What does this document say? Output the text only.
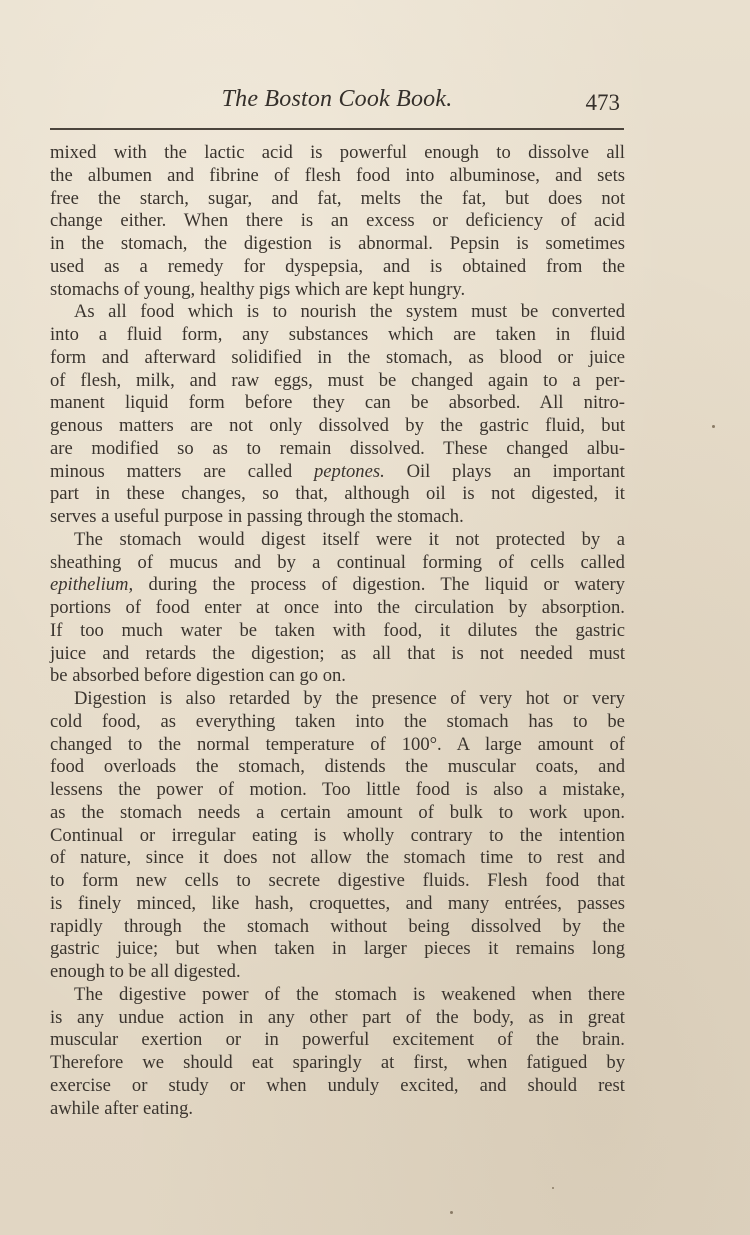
The Boston Cook Book.	473
mixed with the lactic acid is powerful enough to dissolve all
the albumen and fibrine of flesh food into albuminose, and sets
free the starch, sugar, and fat, melts the fat, but does not
change either. When there is an excess or deficiency of acid
in the stomach, the digestion is abnormal. Pepsin is sometimes
used as a remedy for dyspepsia, and is obtained from the
stomachs of young, healthy pigs which are kept hungry.
As all food which is to nourish the system must be converted
into a fluid form, any substances which are taken in fluid
form and afterward solidified in the stomach, as blood or juice
of flesh, milk, and raw eggs, must be changed again to a per-
manent liquid form before they can be absorbed. All nitro-
genous matters are not only dissolved by the gastric fluid, but
are modified so as to remain dissolved. These changed albu-
minous matters are called peptones. Oil plays an important
part in these changes, so that, although oil is not digested, it
serves a useful purpose in passing through the stomach.
The stomach would digest itself were it not protected by a
sheathing of mucus and by a continual forming of cells called
epithelium, during the process of digestion. The liquid or watery
portions of food enter at once into the circulation by absorption.
If too much water be taken with food, it dilutes the gastric
juice and retards the digestion; as all that is not needed must
be absorbed before digestion can go on.
Digestion is also retarded by the presence of very hot or very
cold food, as everything taken into the stomach has to be
changed to the normal temperature of 100°. A large amount of
food overloads the stomach, distends the muscular coats, and
lessens the power of motion. Too little food is also a mistake,
as the stomach needs a certain amount of bulk to work upon.
Continual or irregular eating is wholly contrary to the intention
of nature, since it does not allow the stomach time to rest and
to form new cells to secrete digestive fluids. Flesh food that
is finely minced, like hash, croquettes, and many entrées, passes
rapidly through the stomach without being dissolved by the
gastric juice; but when taken in larger pieces it remains long
enough to be all digested.
The digestive power of the stomach is weakened when there
is any undue action in any other part of the body, as in great
muscular exertion or in powerful excitement of the brain.
Therefore we should eat sparingly at first, when fatigued by
exercise or study or when unduly excited, and should rest
awhile after eating.
